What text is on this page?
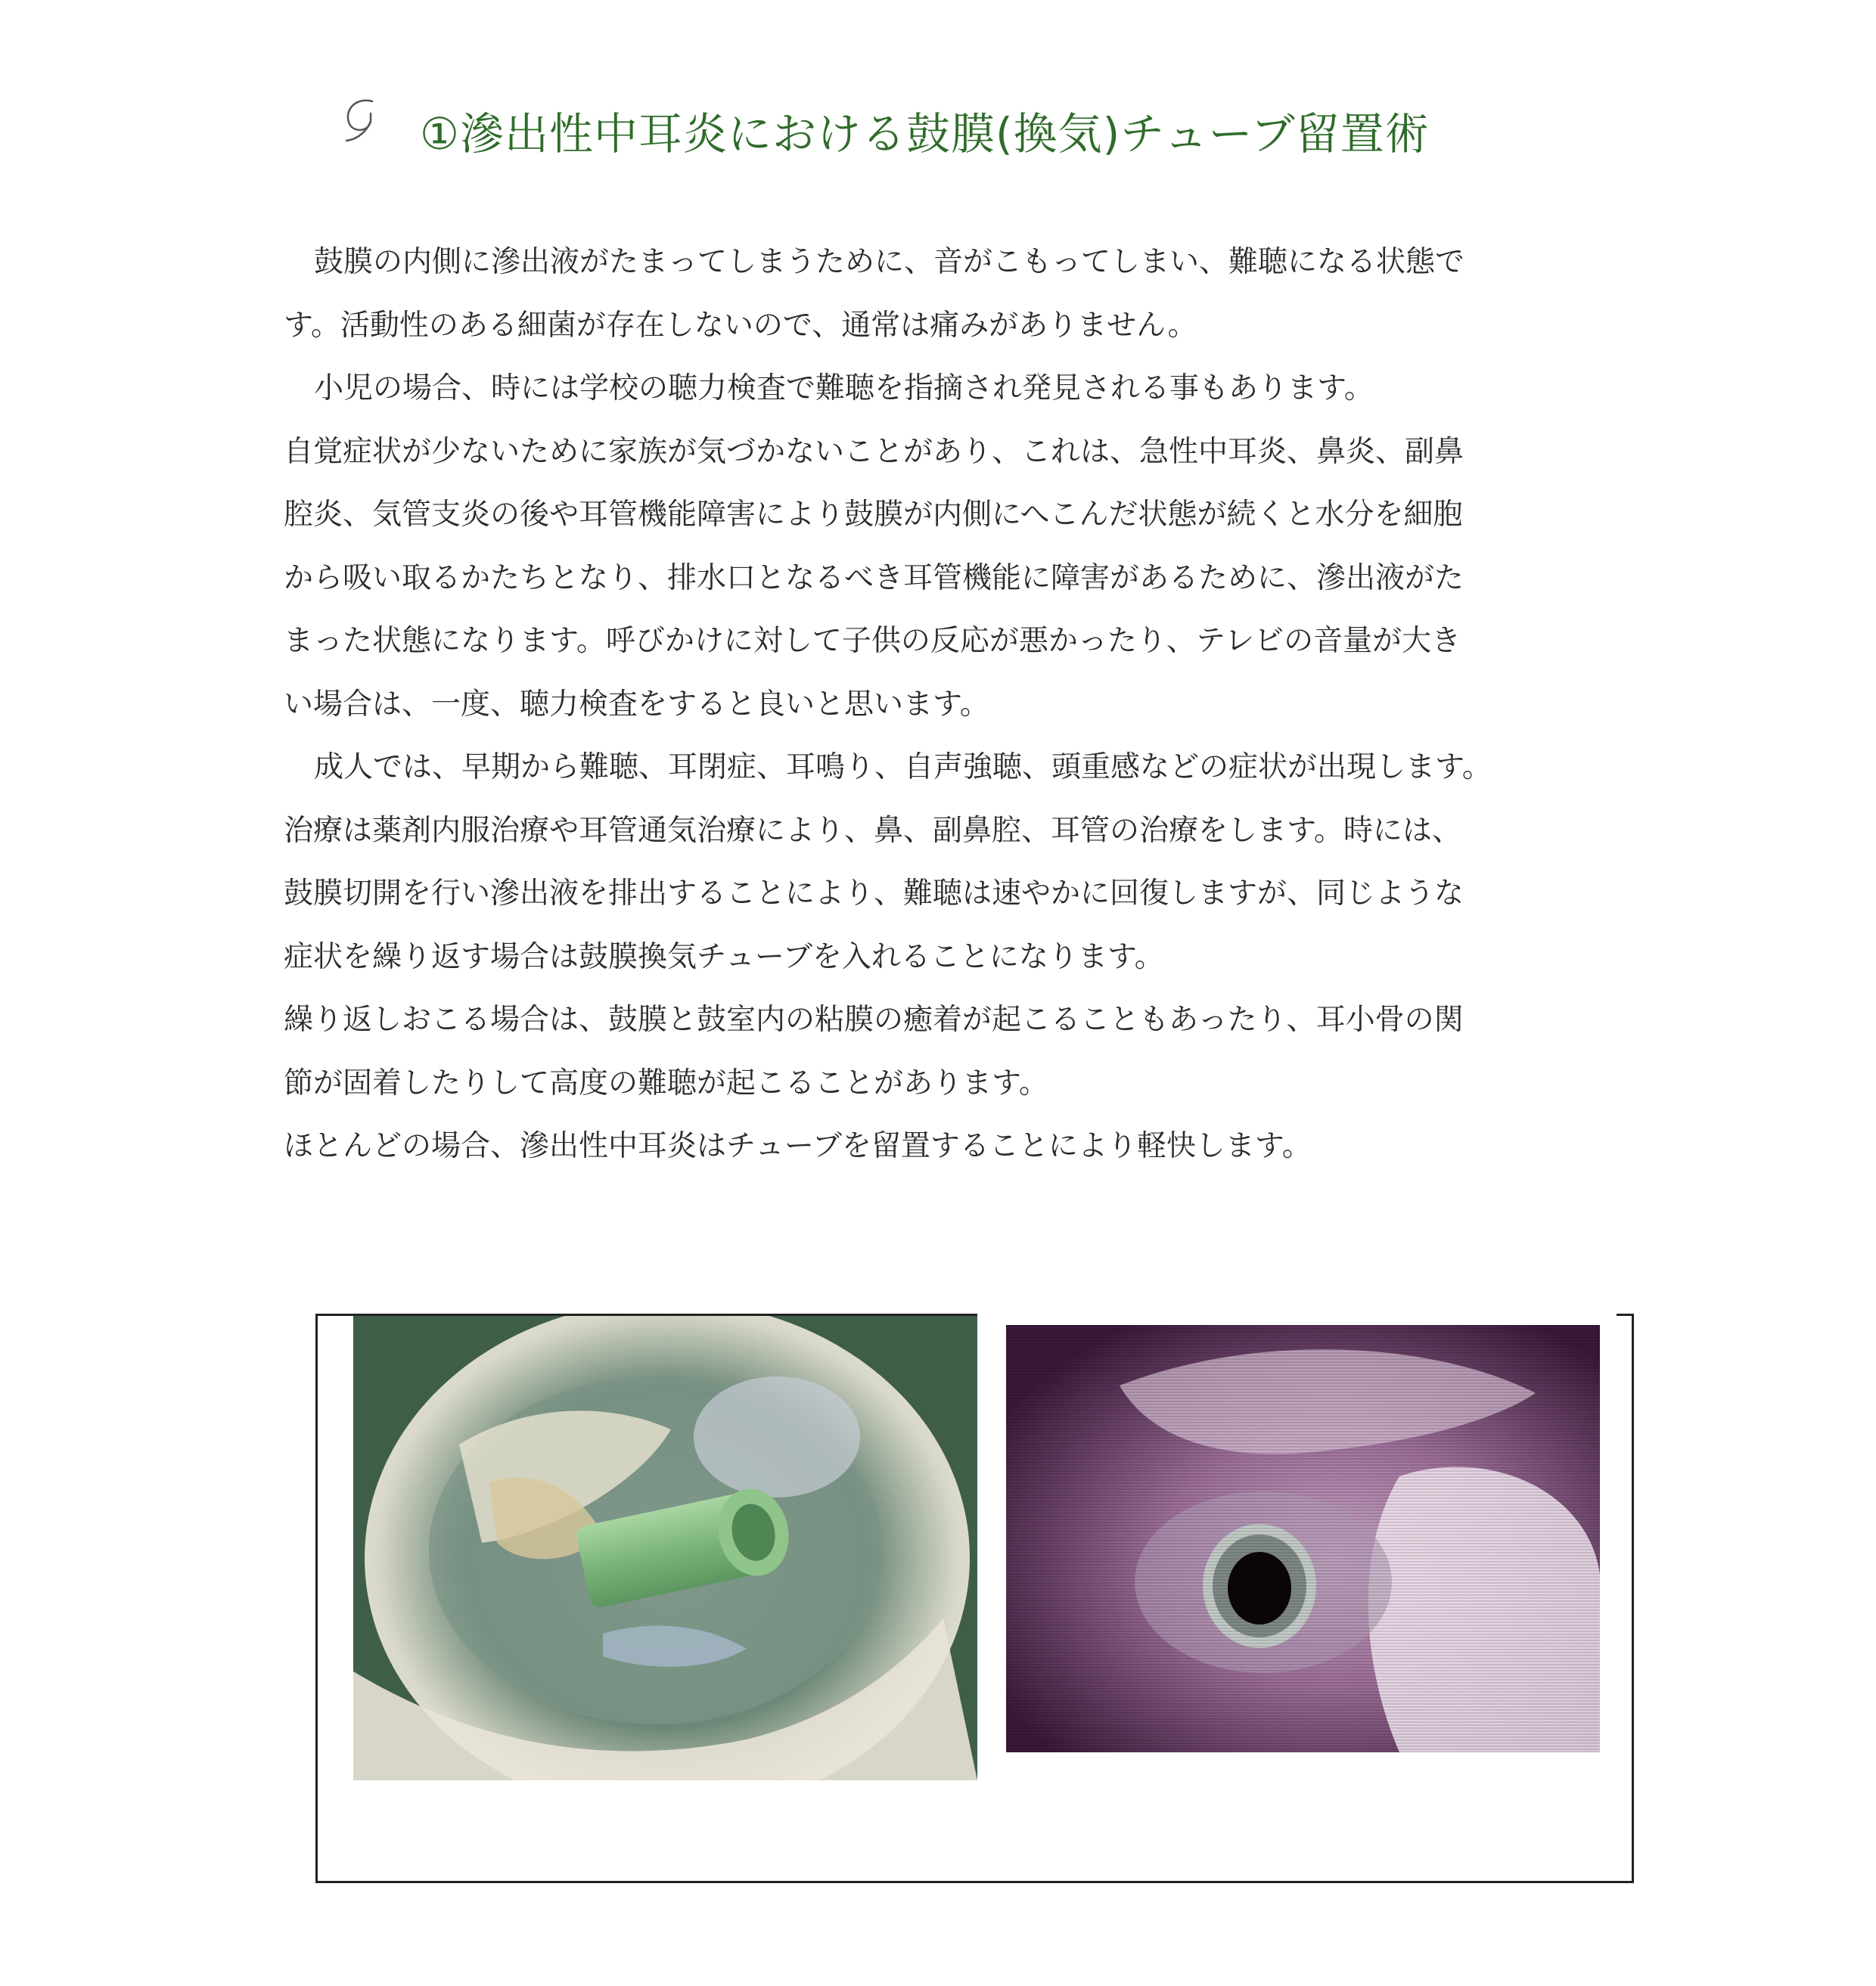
①滲出性中耳炎における鼓膜(換気)チューブ留置術

鼓膜の内側に滲出液がたまってしまうために、音がこもってしまい、難聴になる状態で

す。活動性のある細菌が存在しないので、通常は痛みがありません。

小児の場合、時には学校の聴力検査で難聴を指摘され発見される事もあります。

自覚症状が少ないために家族が気づかないことがあり、これは、急性中耳炎、鼻炎、副鼻

腔炎、気管支炎の後や耳管機能障害により鼓膜が内側にへこんだ状態が続くと水分を細胞

から吸い取るかたちとなり、排水口となるべき耳管機能に障害があるために、滲出液がた

まった状態になります。呼びかけに対して子供の反応が悪かったり、テレビの音量が大き

い場合は、一度、聴力検査をすると良いと思います。

成人では、早期から難聴、耳閉症、耳鳴り、自声強聴、頭重感などの症状が出現します。

治療は薬剤内服治療や耳管通気治療により、鼻、副鼻腔、耳管の治療をします。時には、

鼓膜切開を行い滲出液を排出することにより、難聴は速やかに回復しますが、同じような

症状を繰り返す場合は鼓膜換気チューブを入れることになります。

繰り返しおこる場合は、鼓膜と鼓室内の粘膜の癒着が起こることもあったり、耳小骨の関

節が固着したりして高度の難聴が起こることがあります。

ほとんどの場合、滲出性中耳炎はチューブを留置することにより軽快します。
